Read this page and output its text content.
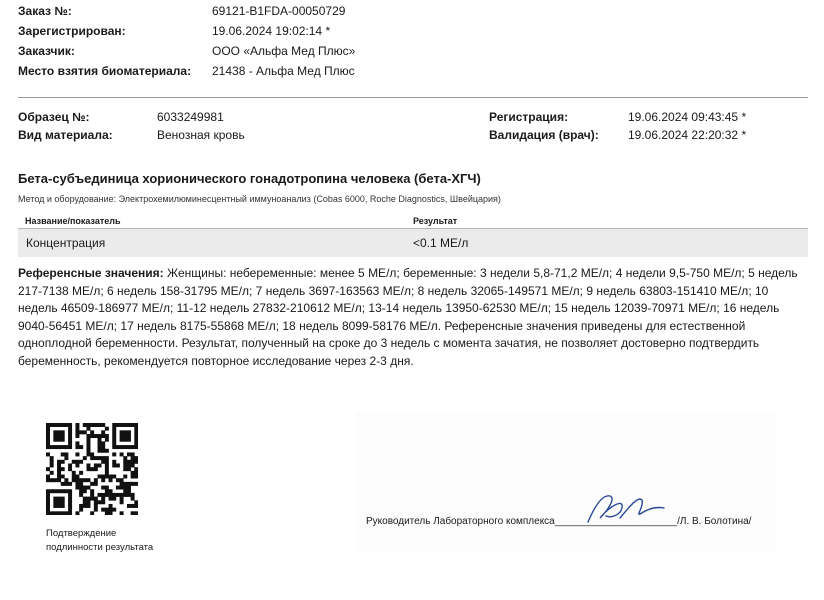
Заказ №:	69121-B1FDA-00050729
Зарегистрирован:	19.06.2024 19:02:14 *
Заказчик:	ООО «Альфа Мед Плюс»
Место взятия биоматериала: 21438 - Альфа Мед Плюс
Образец №:	6033249981
Вид материала:	Венозная кровь
Регистрация:	19.06.2024 09:43:45 *
Валидация (врач): 19.06.2024 22:20:32 *
Бета-субъединица хорионического гонадотропина человека (бета-ХГЧ)
Метод и оборудование: Электрохемилюминесцентный иммуноанализ (Cobas 6000, Roche Diagnostics, Швейцария)
Название/показатель	Результат
Концентрация	<0.1 МЕ/л
Референсные значения: Женщины: небеременные: менее 5 МЕ/л; беременные: 3 недели 5,8-71,2 МЕ/л; 4 недели 9,5-750 МЕ/л; 5 недель 217-7138 МЕ/л; 6 недель 158-31795 МЕ/л; 7 недель 3697-163563 МЕ/л; 8 недель 32065-149571 МЕ/л; 9 недель 63803-151410 МЕ/л; 10 недель 46509-186977 МЕ/л; 11-12 недель 27832-210612 МЕ/л; 13-14 недель 13950-62530 МЕ/л; 15 недель 12039-70971 МЕ/л; 16 недель 9040-56451 МЕ/л; 17 недель 8175-55868 МЕ/л; 18 недель 8099-58176 МЕ/л. Референсные значения приведены для естественной одноплодной беременности. Результат, полученный на сроке до 3 недель с момента зачатия, не позволяет достоверно подтвердить беременность, рекомендуется повторное исследование через 2-3 дня.
Подтверждение
подлинности результата
Руководитель Лабораторного комплекса______________________/Л. В. Болотина/
